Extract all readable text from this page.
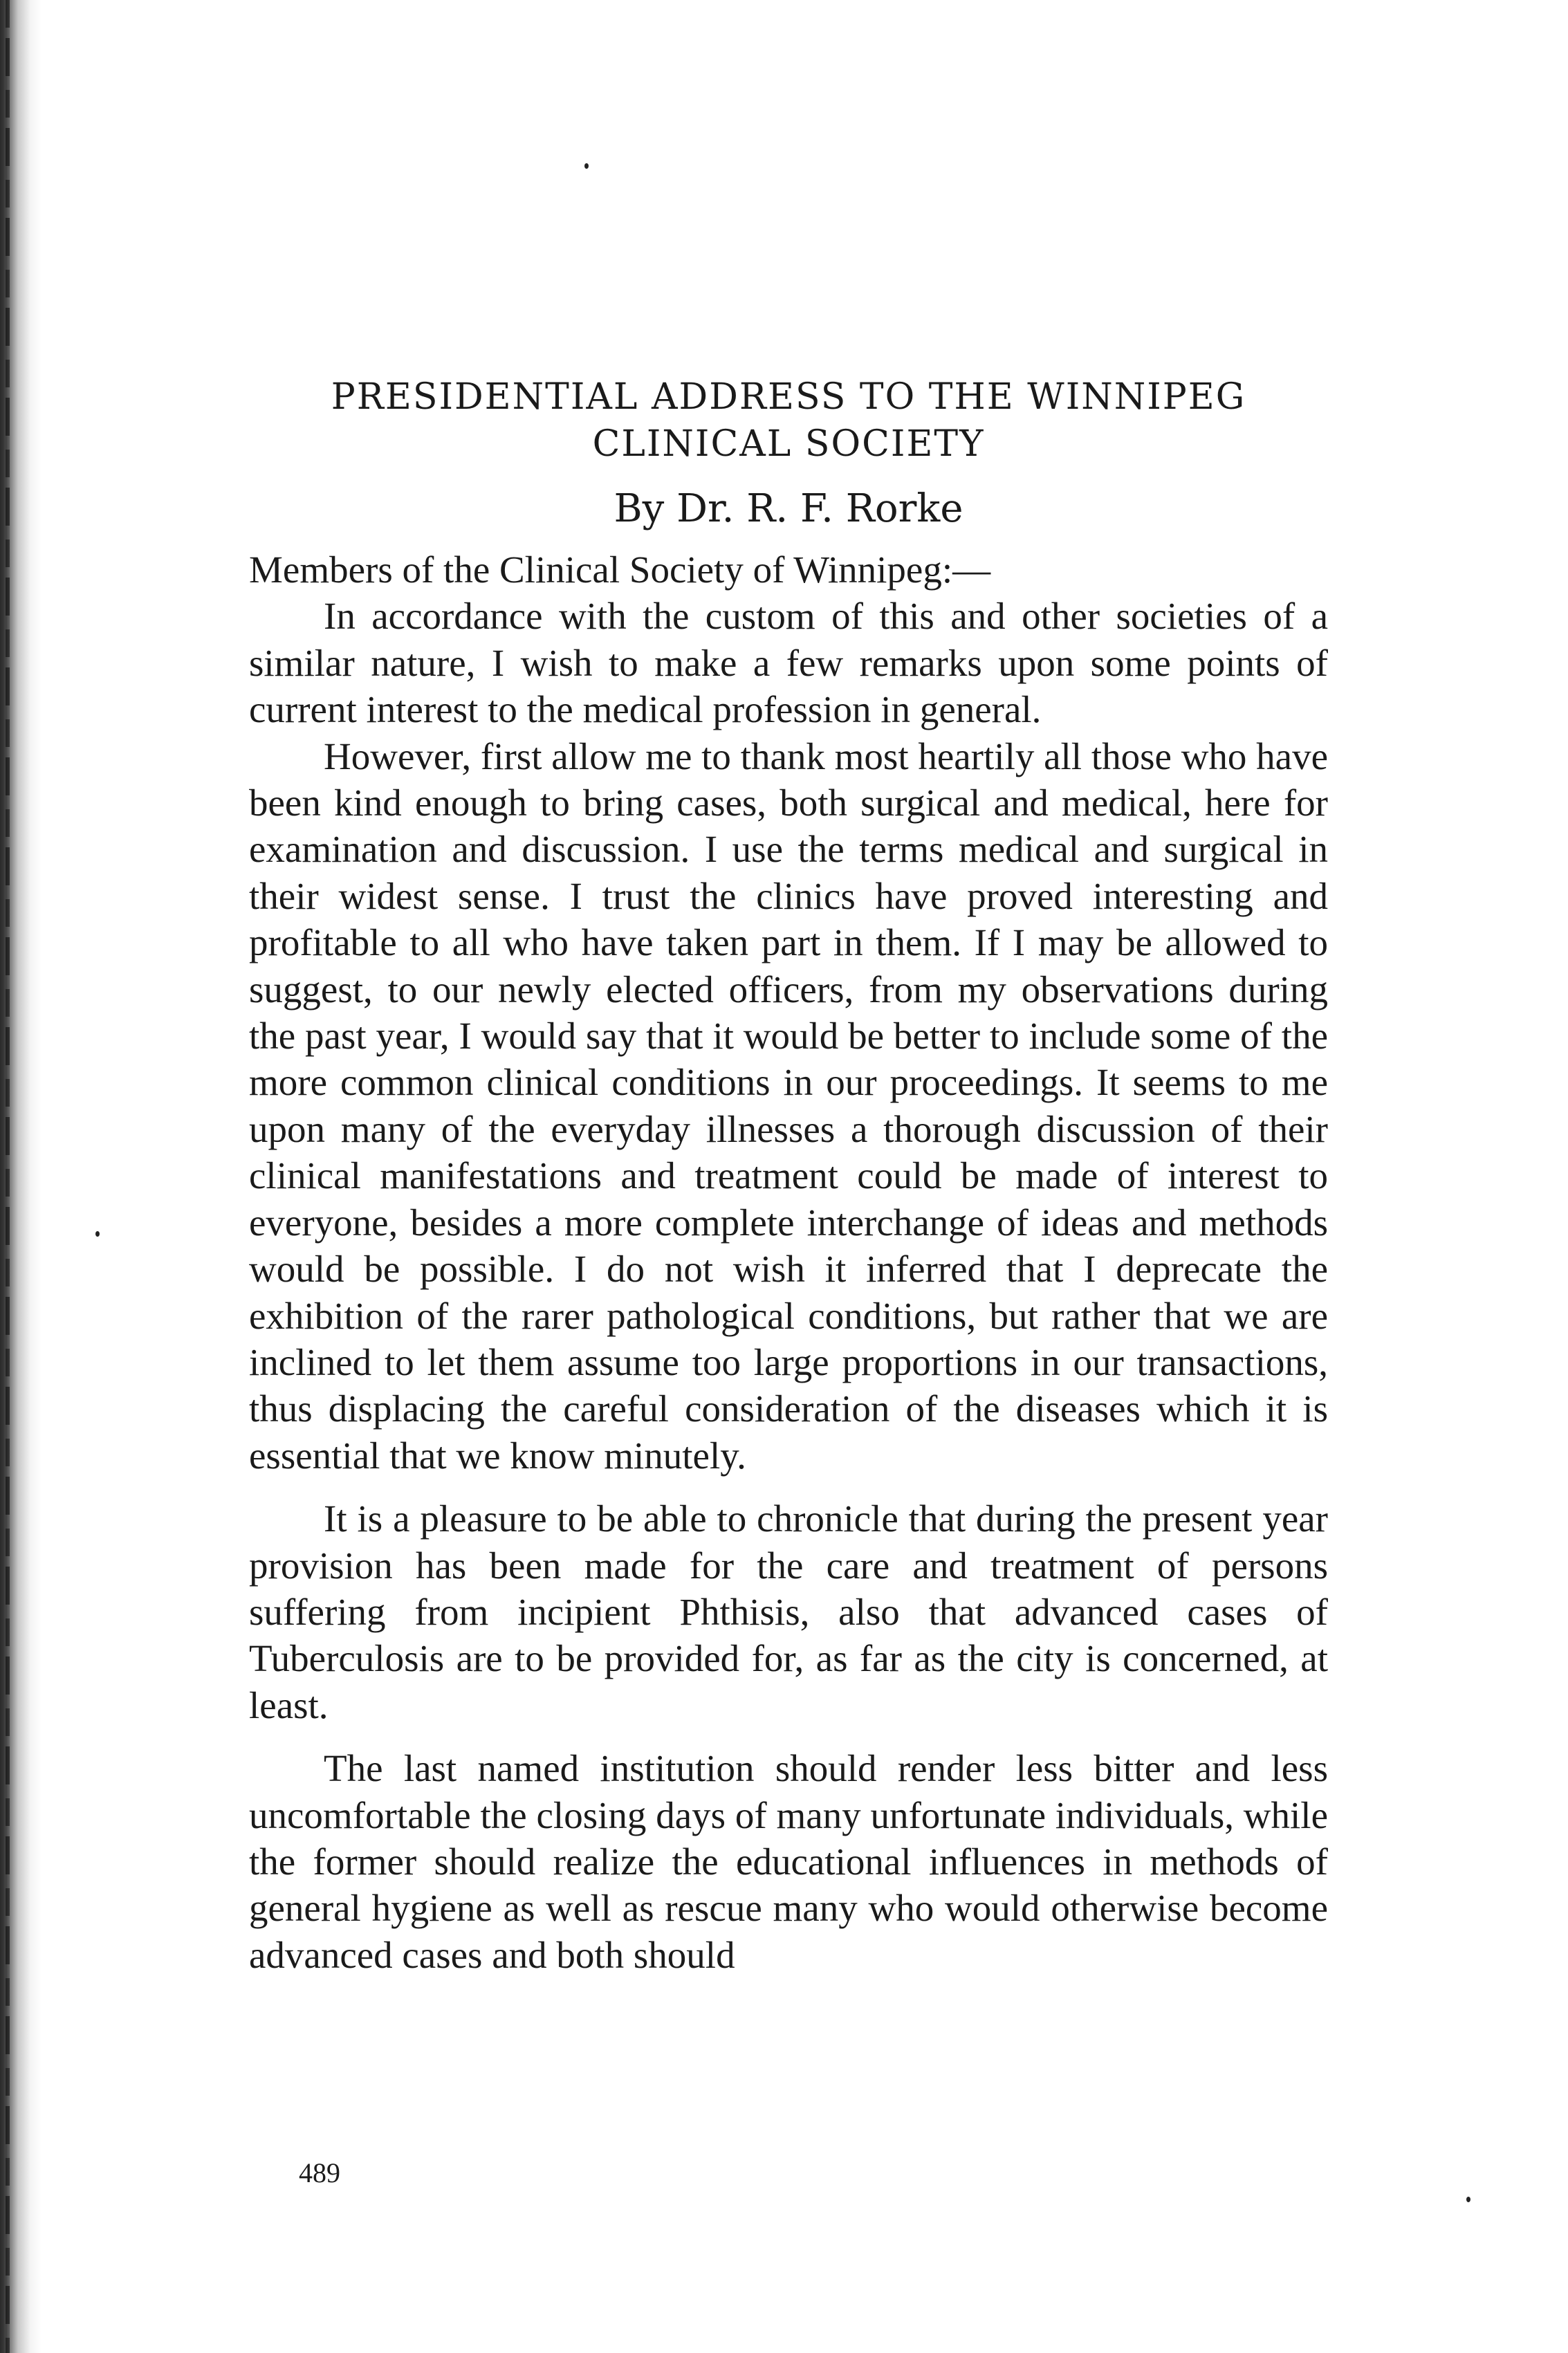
PRESIDENTIAL ADDRESS TO THE WINNIPEG
CLINICAL SOCIETY
By Dr. R. F. Rorke

Members of the Clinical Society of Winnipeg:—

In accordance with the custom of this and other societies of a similar nature, I wish to make a few remarks upon some points of current interest to the medical profession in general.

However, first allow me to thank most heartily all those who have been kind enough to bring cases, both surgical and medical, here for examination and discussion. I use the terms medical and surgical in their widest sense. I trust the clinics have proved interesting and profitable to all who have taken part in them. If I may be allowed to suggest, to our newly elected officers, from my observations during the past year, I would say that it would be better to include some of the more common clinical conditions in our proceedings. It seems to me upon many of the everyday illnesses a thorough discussion of their clinical manifestations and treatment could be made of interest to everyone, besides a more complete interchange of ideas and methods would be possible. I do not wish it inferred that I deprecate the exhibition of the rarer pathological conditions, but rather that we are inclined to let them assume too large proportions in our transactions, thus displacing the careful consideration of the diseases which it is essential that we know minutely.

It is a pleasure to be able to chronicle that during the present year provision has been made for the care and treatment of persons suffering from incipient Phthisis, also that advanced cases of Tuberculosis are to be provided for, as far as the city is concerned, at least.

The last named institution should render less bitter and less uncomfortable the closing days of many unfortunate individuals, while the former should realize the educational influences in methods of general hygiene as well as rescue many who would otherwise become advanced cases and both should

489
